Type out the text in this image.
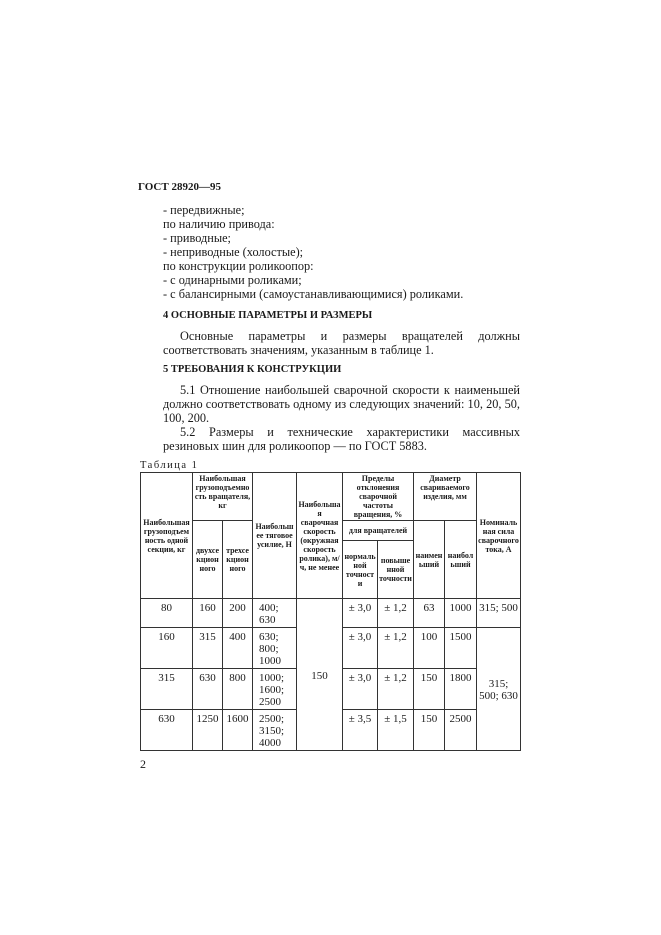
ГОСТ 28920—95

- передвижные;

по наличию привода:

- приводные;

- неприводные (холостые);

по конструкции роликоопор:

- с одинарными роликами;

- с балансирными (самоустанавливающимися) роликами.

4 ОСНОВНЫЕ ПАРАМЕТРЫ И РАЗМЕРЫ

Основные параметры и размеры вращателей должны соответствовать значениям, указанным в таблице 1.

5 ТРЕБОВАНИЯ К КОНСТРУКЦИИ

5.1 Отношение наибольшей сварочной скорости к наименьшей должно соответствовать одному из следующих значений: 10, 20, 50, 100, 200.

5.2 Размеры и технические характеристики массивных резиновых шин для роликоопор — по ГОСТ 5883.

Таблица 1
Наибольшая грузоподъемность одной секции, кг	Наибольшая грузоподъемность вращателя, кг		Наибольшее тяговое усилие, Н	Наибольшая сварочная скорость (окружная скорость ролика), м/ч, не менее	Пределы отклонения сварочной частоты вращения, %		Диаметр свариваемого изделия, мм		Номинальная сила сварочного тока, А
	двухсекционного	трехсекционного			для вращателей		наименьший	наибольший	
					нормальной точности	повышенной точности			
80	160	200	400; 630	150	± 3,0	± 1,2	63	1000	315; 500
160	315	400	630; 800; 1000		± 3,0	± 1,2	100	1500	315; 500; 630
315	630	800	1000; 1600; 2500		± 3,0	± 1,2	150	1800	
630	1250	1600	2500; 3150; 4000		± 3,5	± 1,5	150	2500	
2
